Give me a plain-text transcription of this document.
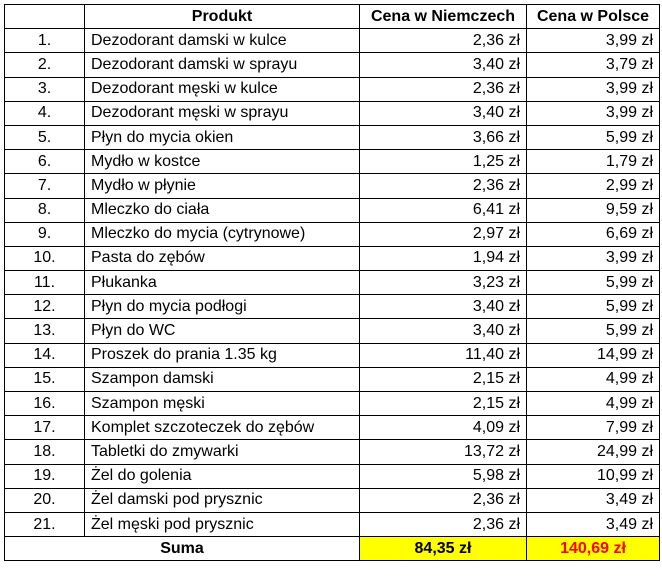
	Produkt	Cena w Niemczech	Cena w Polsce
1.	Dezodorant damski w kulce	2,36 zł	3,99 zł
2.	Dezodorant damski w sprayu	3,40 zł	3,79 zł
3.	Dezodorant męski w kulce	2,36 zł	3,99 zł
4.	Dezodorant męski w sprayu	3,40 zł	3,99 zł
5.	Płyn do mycia okien	3,66 zł	5,99 zł
6.	Mydło w kostce	1,25 zł	1,79 zł
7.	Mydło w płynie	2,36 zł	2,99 zł
8.	Mleczko do ciała	6,41 zł	9,59 zł
9.	Mleczko do mycia (cytrynowe)	2,97 zł	6,69 zł
10.	Pasta do zębów	1,94 zł	3,99 zł
11.	Płukanka	3,23 zł	5,99 zł
12.	Płyn do mycia podłogi	3,40 zł	5,99 zł
13.	Płyn do WC	3,40 zł	5,99 zł
14.	Proszek do prania 1.35 kg	11,40 zł	14,99 zł
15.	Szampon damski	2,15 zł	4,99 zł
16.	Szampon męski	2,15 zł	4,99 zł
17.	Komplet szczoteczek do zębów	4,09 zł	7,99 zł
18.	Tabletki do zmywarki	13,72 zł	24,99 zł
19.	Żel do golenia	5,98 zł	10,99 zł
20.	Żel damski pod prysznic	2,36 zł	3,49 zł
21.	Żel męski pod prysznic	2,36 zł	3,49 zł
Suma		84,35 zł	140,69 zł
